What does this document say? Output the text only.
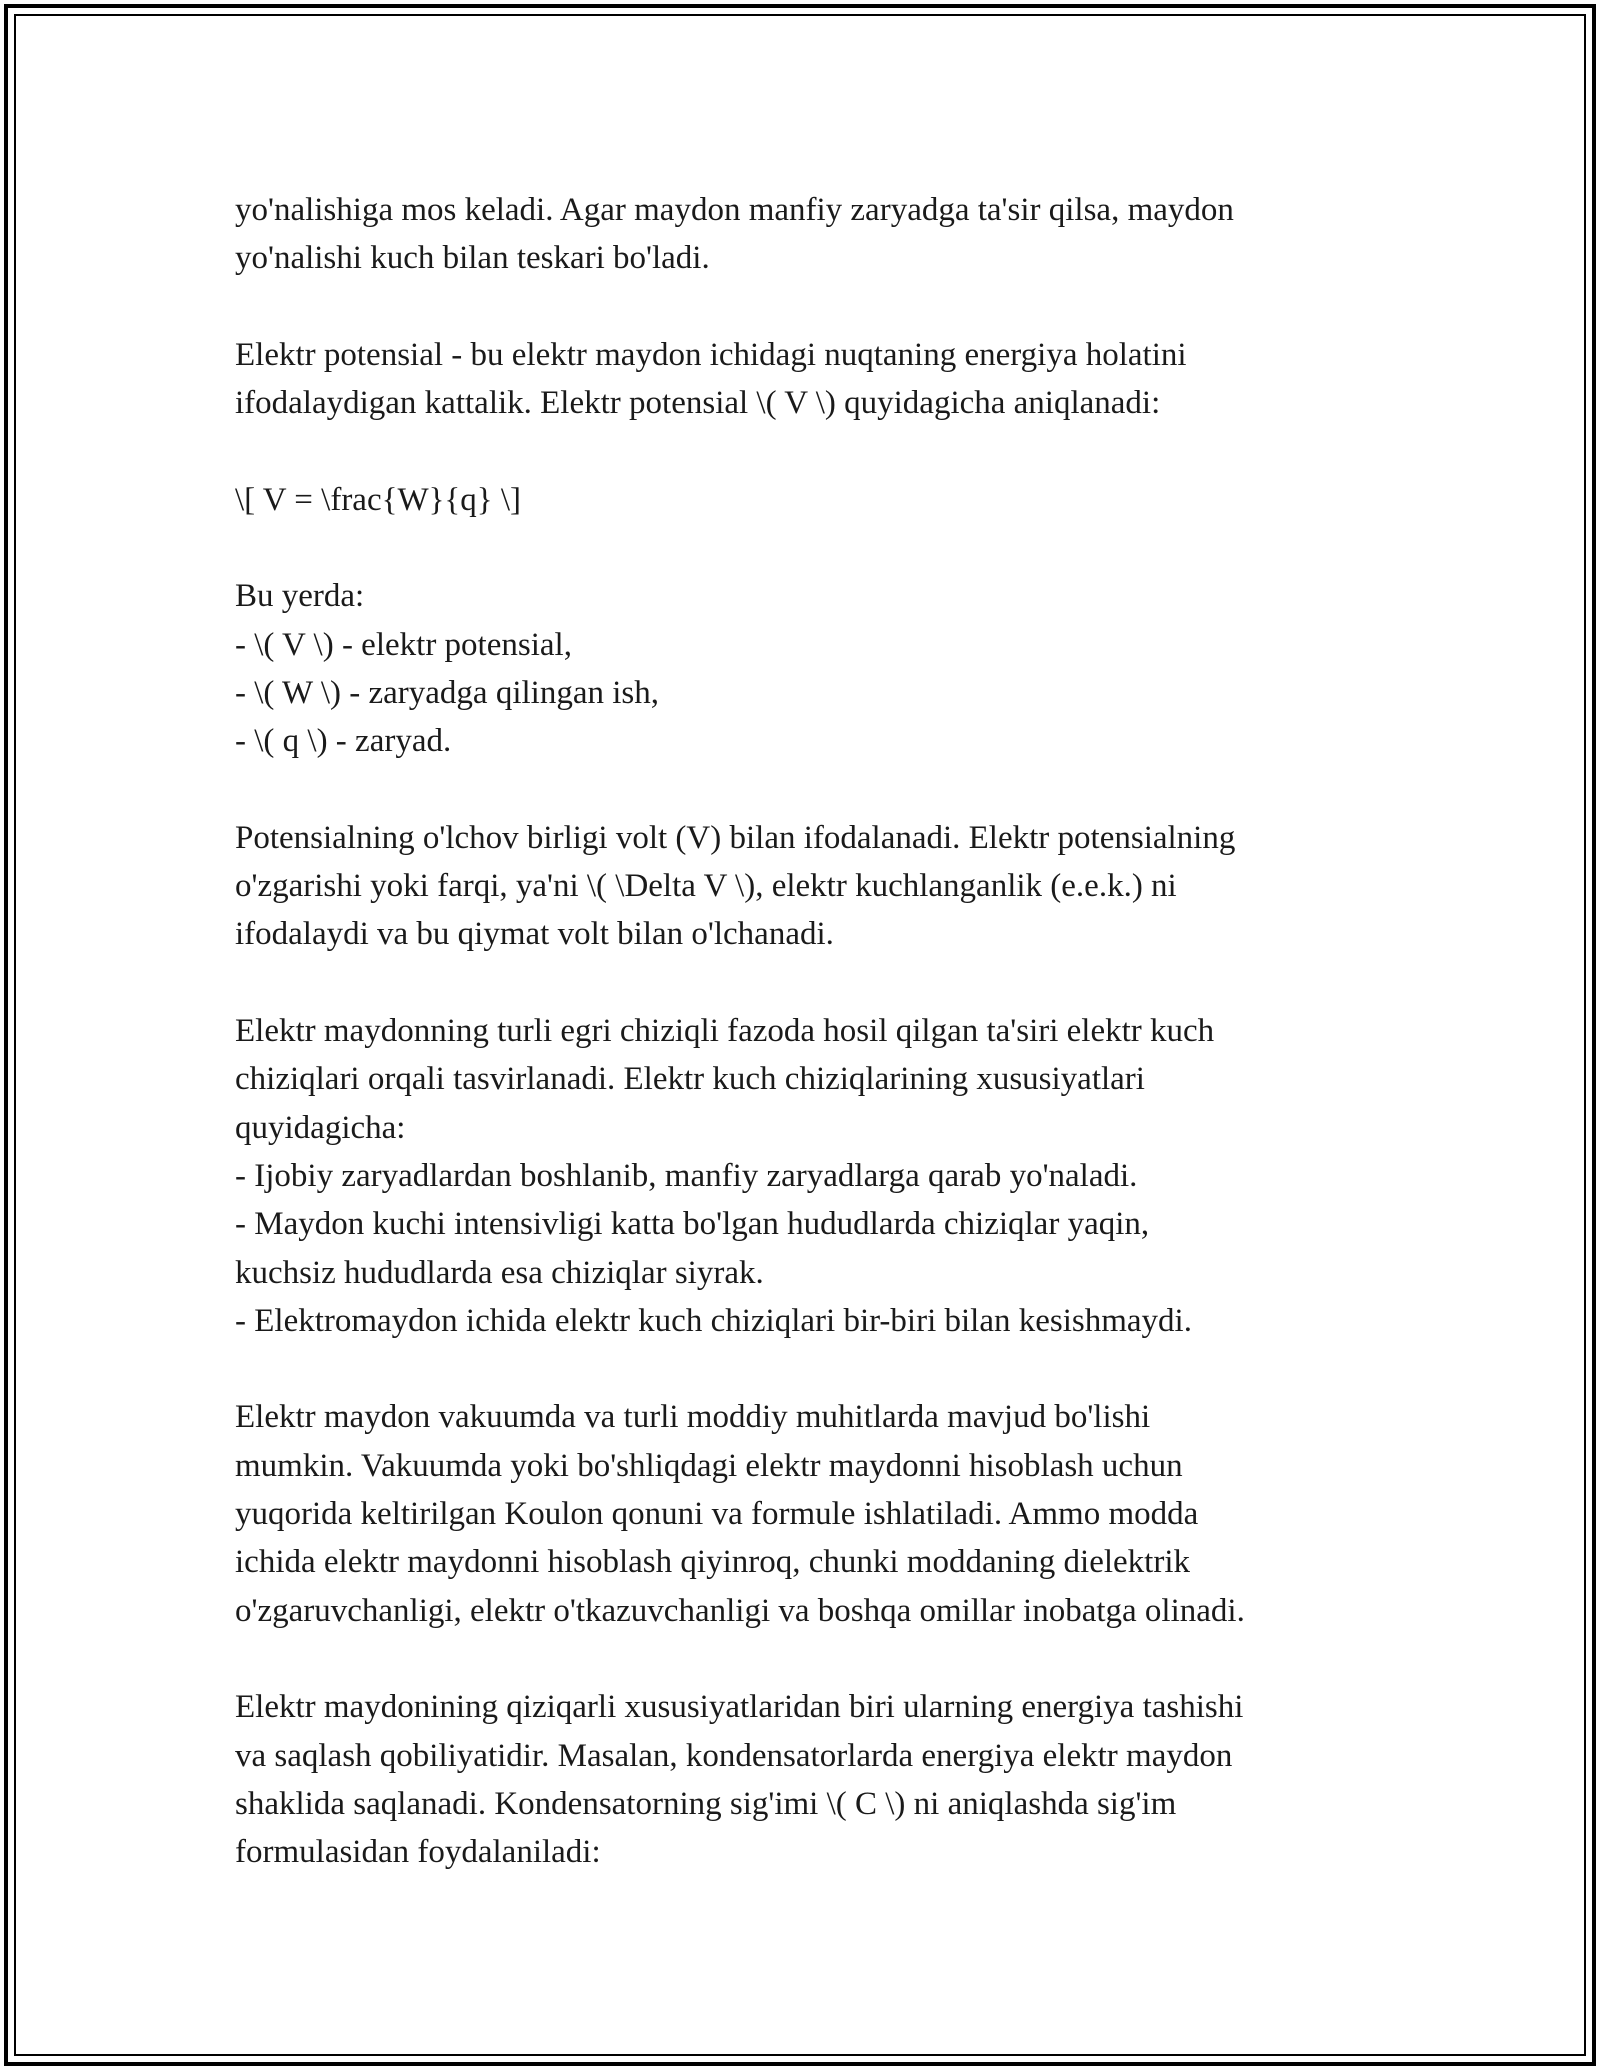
yo'nalishiga mos keladi. Agar maydon manfiy zaryadga ta'sir qilsa, maydon
yo'nalishi kuch bilan teskari bo'ladi.
Elektr potensial - bu elektr maydon ichidagi nuqtaning energiya holatini
ifodalaydigan kattalik. Elektr potensial \( V \) quyidagicha aniqlanadi:
\[ V = \frac{W}{q} \]
Bu yerda:
- \( V \) - elektr potensial,
- \( W \) - zaryadga qilingan ish,
- \( q \) - zaryad.
Potensialning o'lchov birligi volt (V) bilan ifodalanadi. Elektr potensialning
o'zgarishi yoki farqi, ya'ni \( \Delta V \), elektr kuchlanganlik (e.e.k.) ni
ifodalaydi va bu qiymat volt bilan o'lchanadi.
Elektr maydonning turli egri chiziqli fazoda hosil qilgan ta'siri elektr kuch
chiziqlari orqali tasvirlanadi. Elektr kuch chiziqlarining xususiyatlari
quyidagicha:
- Ijobiy zaryadlardan boshlanib, manfiy zaryadlarga qarab yo'naladi.
- Maydon kuchi intensivligi katta bo'lgan hududlarda chiziqlar yaqin,
kuchsiz hududlarda esa chiziqlar siyrak.
- Elektromaydon ichida elektr kuch chiziqlari bir-biri bilan kesishmaydi.
Elektr maydon vakuumda va turli moddiy muhitlarda mavjud bo'lishi
mumkin. Vakuumda yoki bo'shliqdagi elektr maydonni hisoblash uchun
yuqorida keltirilgan Koulon qonuni va formule ishlatiladi. Ammo modda
ichida elektr maydonni hisoblash qiyinroq, chunki moddaning dielektrik
o'zgaruvchanligi, elektr o'tkazuvchanligi va boshqa omillar inobatga olinadi.
Elektr maydonining qiziqarli xususiyatlaridan biri ularning energiya tashishi
va saqlash qobiliyatidir. Masalan, kondensatorlarda energiya elektr maydon
shaklida saqlanadi. Kondensatorning sig'imi \( C \) ni aniqlashda sig'im
formulasidan foydalaniladi:
